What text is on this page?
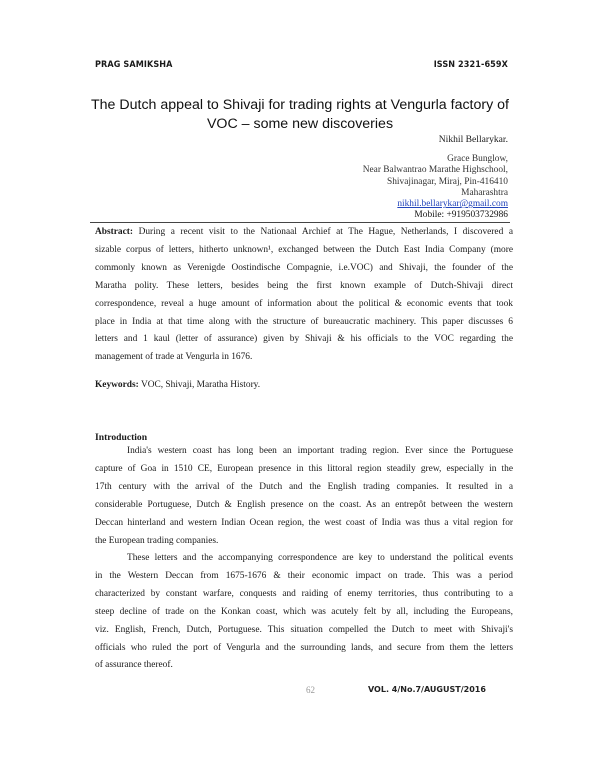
PRAG SAMIKSHA	ISSN 2321-659X
The Dutch appeal to Shivaji for trading rights at Vengurla factory of
VOC – some new discoveries
Nikhil Bellarykar.
Grace Bunglow,
Near Balwantrao Marathe Highschool,
Shivajinagar, Miraj, Pin-416410
Maharashtra
nikhil.bellarykar@gmail.com
Mobile: +919503732986
Abstract: During a recent visit to the Nationaal Archief at The Hague, Netherlands, I discovered a
sizable corpus of letters, hitherto unknown¹, exchanged between the Dutch East India Company (more
commonly known as Verenigde Oostindische Compagnie, i.e.VOC) and Shivaji, the founder of the
Maratha polity. These letters, besides being the first known example of Dutch-Shivaji direct
correspondence, reveal a huge amount of information about the political & economic events that took
place in India at that time along with the structure of bureaucratic machinery. This paper discusses 6
letters and 1 kaul (letter of assurance) given by Shivaji & his officials to the VOC regarding the
management of trade at Vengurla in 1676.
Keywords: VOC, Shivaji, Maratha History.
Introduction
India's western coast has long been an important trading region. Ever since the Portuguese
capture of Goa in 1510 CE, European presence in this littoral region steadily grew, especially in the
17th century with the arrival of the Dutch and the English trading companies. It resulted in a
considerable Portuguese, Dutch & English presence on the coast. As an entrepôt between the western
Deccan hinterland and western Indian Ocean region, the west coast of India was thus a vital region for
the European trading companies.
These letters and the accompanying correspondence are key to understand the political events
in the Western Deccan from 1675-1676 & their economic impact on trade. This was a period
characterized by constant warfare, conquests and raiding of enemy territories, thus contributing to a
steep decline of trade on the Konkan coast, which was acutely felt by all, including the Europeans,
viz. English, French, Dutch, Portuguese. This situation compelled the Dutch to meet with Shivaji's
officials who ruled the port of Vengurla and the surrounding lands, and secure from them the letters
of assurance thereof.
62	VOL. 4/No.7/AUGUST/2016
